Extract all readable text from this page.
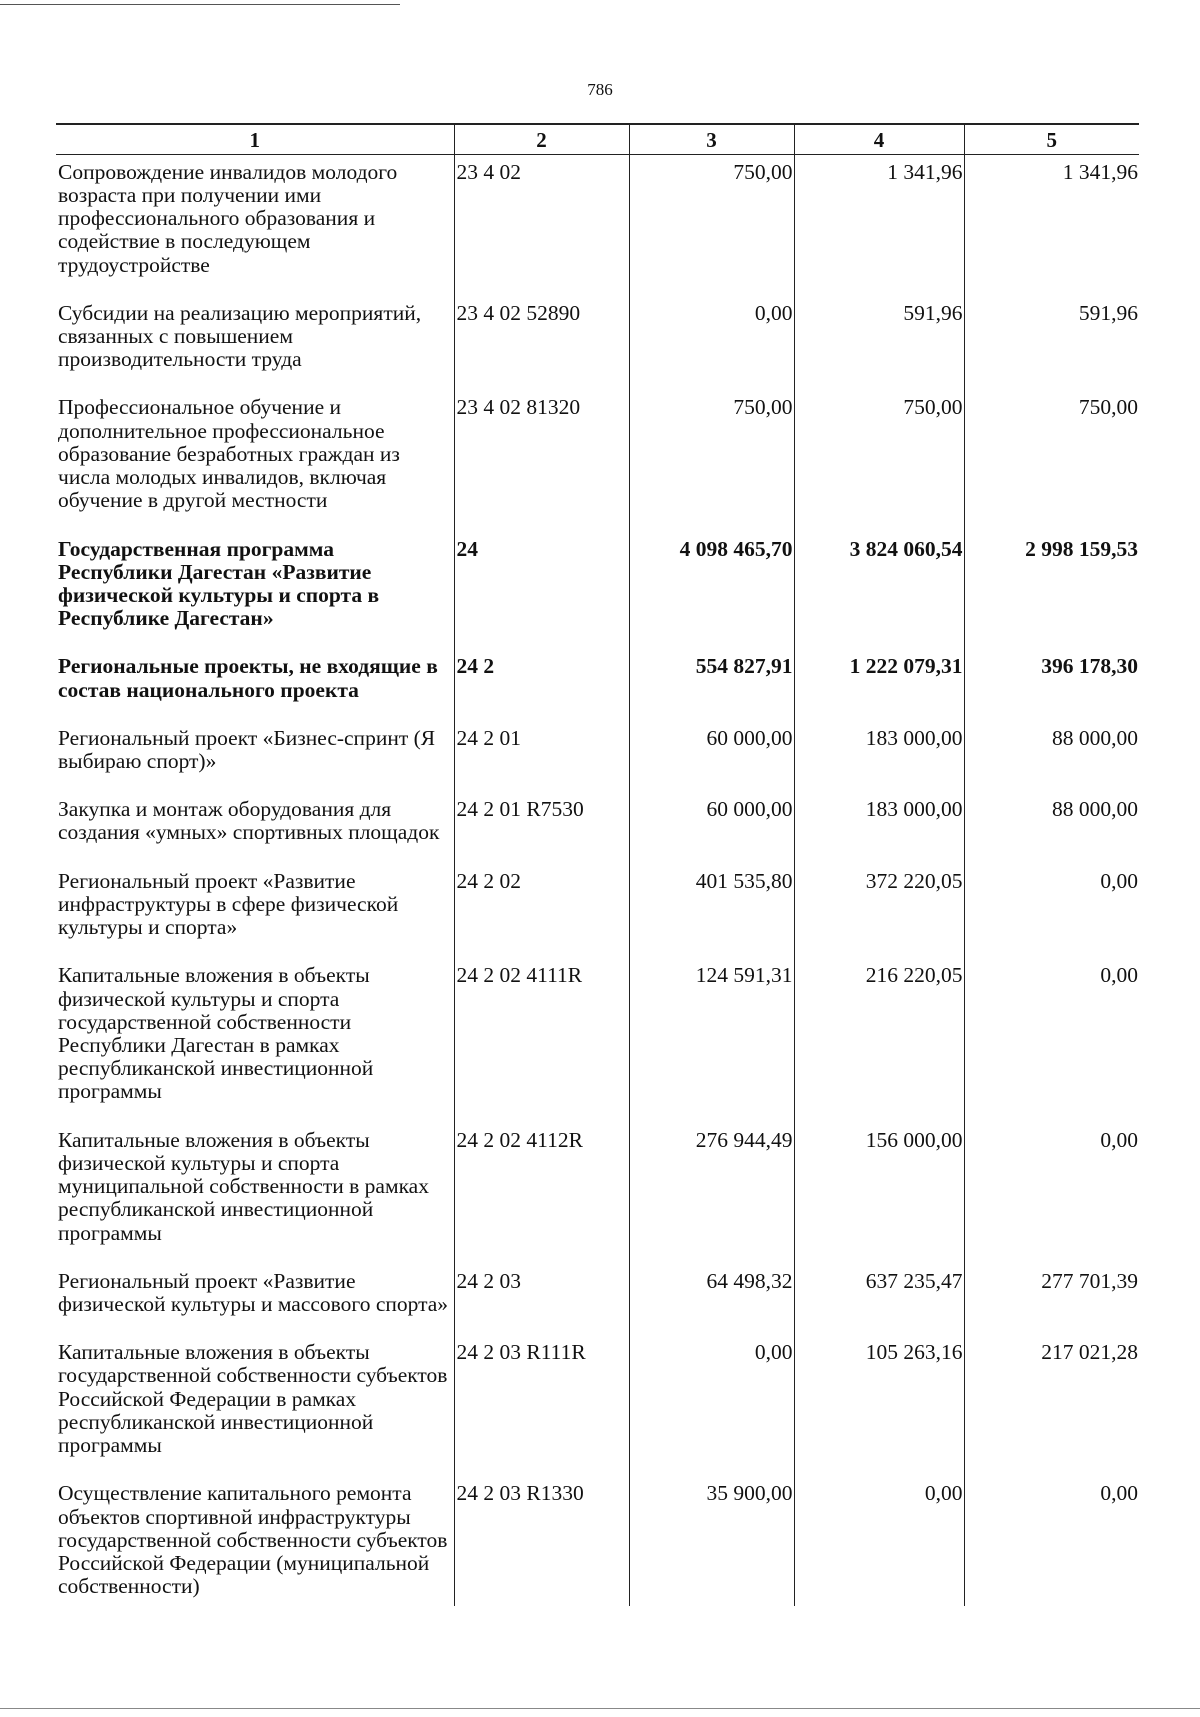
786
1	2	3	4	5
Сопровождение инвалидов молодого возраста при получении ими профессионального образования и содействие в последующем трудоустройстве	23 4 02	750,00	1 341,96	1 341,96
Субсидии на реализацию мероприятий, связанных с повышением производительности труда	23 4 02 52890	0,00	591,96	591,96
Профессиональное обучение и дополнительное профессиональное образование безработных граждан из числа молодых инвалидов, включая обучение в другой местности	23 4 02 81320	750,00	750,00	750,00
Государственная программа Республики Дагестан «Развитие физической культуры и спорта в Республике Дагестан»	24	4 098 465,70	3 824 060,54	2 998 159,53
Региональные проекты, не входящие в состав национального проекта	24 2	554 827,91	1 222 079,31	396 178,30
Региональный проект «Бизнес-спринт (Я выбираю спорт)»	24 2 01	60 000,00	183 000,00	88 000,00
Закупка и монтаж оборудования для создания «умных» спортивных площадок	24 2 01 R7530	60 000,00	183 000,00	88 000,00
Региональный проект «Развитие инфраструктуры в сфере физической культуры и спорта»	24 2 02	401 535,80	372 220,05	0,00
Капитальные вложения в объекты физической культуры и спорта государственной собственности Республики Дагестан в рамках республиканской инвестиционной программы	24 2 02 4111R	124 591,31	216 220,05	0,00
Капитальные вложения в объекты физической культуры и спорта муниципальной собственности в рамках республиканской инвестиционной программы	24 2 02 4112R	276 944,49	156 000,00	0,00
Региональный проект «Развитие физической культуры и массового спорта»	24 2 03	64 498,32	637 235,47	277 701,39
Капитальные вложения в объекты государственной собственности субъектов Российской Федерации в рамках республиканской инвестиционной программы	24 2 03 R111R	0,00	105 263,16	217 021,28
Осуществление капитального ремонта объектов спортивной инфраструктуры государственной собственности субъектов Российской Федерации (муниципальной собственности)	24 2 03 R1330	35 900,00	0,00	0,00
